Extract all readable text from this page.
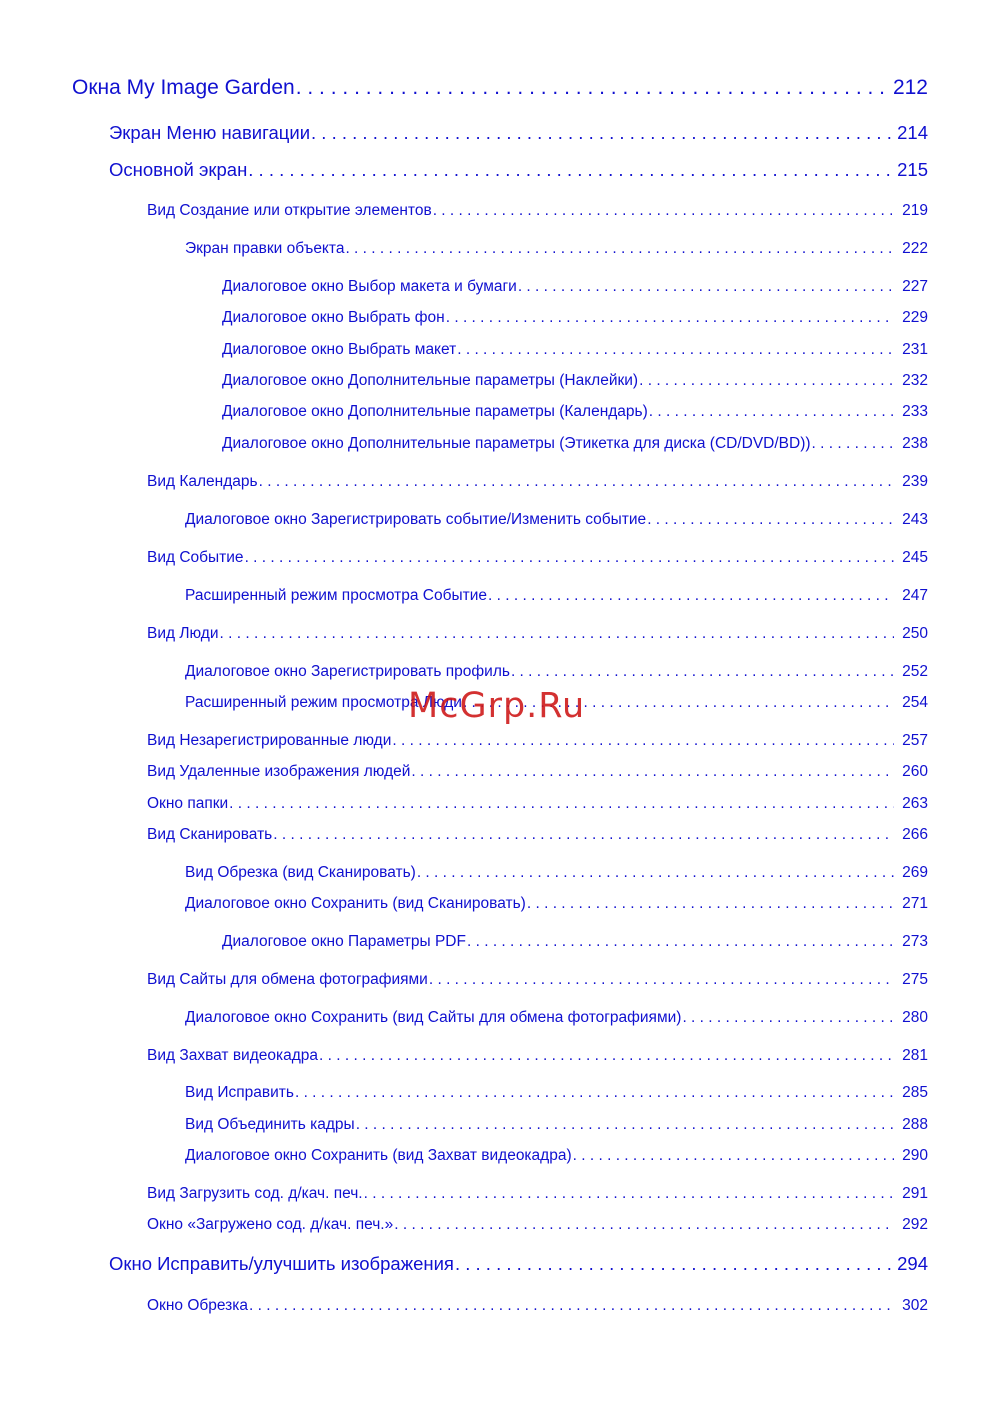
Окна My Image Garden . . .	212
Экран Меню навигации . . .	214
Основной экран . . .	215
Вид Создание или открытие элементов . . .	219
Экран правки объекта . . .	222
Диалоговое окно Выбор макета и бумаги . . .	227
Диалоговое окно Выбрать фон . . .	229
Диалоговое окно Выбрать макет . . .	231
Диалоговое окно Дополнительные параметры (Наклейки) . . .	232
Диалоговое окно Дополнительные параметры (Календарь) . . .	233
Диалоговое окно Дополнительные параметры (Этикетка для диска (CD/DVD/BD)) . . .	238
Вид Календарь . . .	239
Диалоговое окно Зарегистрировать событие/Изменить событие . . .	243
Вид Событие . . .	245
Расширенный режим просмотра Событие . . .	247
Вид Люди . . .	250
Диалоговое окно Зарегистрировать профиль . . .	252
Расширенный режим просмотра Люди . . .	254
Вид Незарегистрированные люди . . .	257
Вид Удаленные изображения людей . . .	260
Окно папки . . .	263
Вид Сканировать . . .	266
Вид Обрезка (вид Сканировать) . . .	269
Диалоговое окно Сохранить (вид Сканировать) . . .	271
Диалоговое окно Параметры PDF . . .	273
Вид Сайты для обмена фотографиями . . .	275
Диалоговое окно Сохранить (вид Сайты для обмена фотографиями) . . .	280
Вид Захват видеокадра . . .	281
Вид Исправить . . .	285
Вид Объединить кадры . . .	288
Диалоговое окно Сохранить (вид Захват видеокадра) . . .	290
Вид Загрузить сод. д/кач. печ. . . .	291
Окно «Загружено сод. д/кач. печ.» . . .	292
Окно Исправить/улучшить изображения . . .	294
Окно Обрезка . . .	302
McGrp.Ru
